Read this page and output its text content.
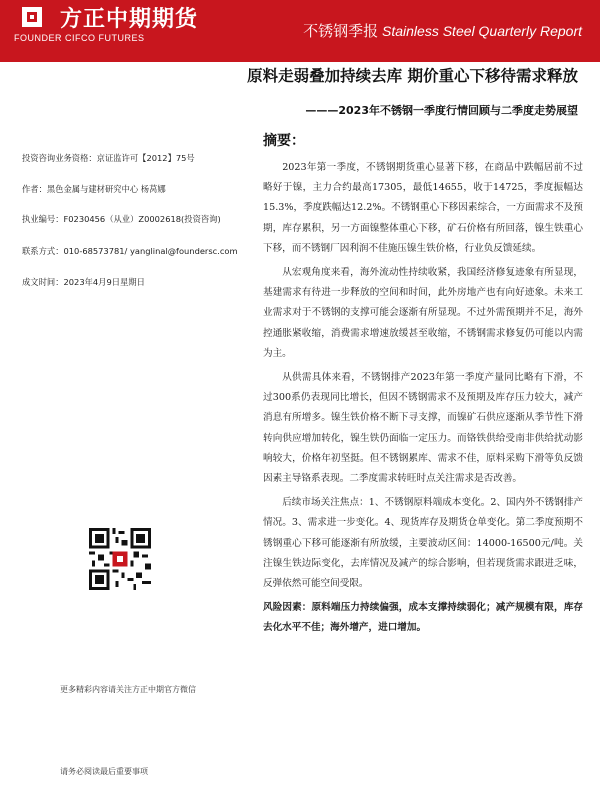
方正中期期货
FOUNDER CIFCO FUTURES	不锈钢季报 Stainless Steel Quarterly Report
原料走弱叠加持续去库 期价重心下移待需求释放
———2023年不锈钢一季度行情回顾与二季度走势展望
摘要：
投资咨询业务资格：京证监许可【2012】75号
作者：黑色金属与建材研究中心 杨莴娜
执业编号：F0230456（从业）Z0002618(投资咨询)
联系方式：010-68573781/ yanglinal@foundersc.com
成文时间：2023年4月9日星期日
更多精彩内容请关注方正中期官方微信
请务必阅读最后重要事项

2023年第一季度，不锈钢期货重心显著下移，在商品中跌幅居前不过略好于镍，主力合约最高17305，最低14655，收于14725，季度振幅达15.3%，季度跌幅达12.2%。不锈钢重心下移因素综合，一方面需求不及预期，库存累积，另一方面镍整体重心下移，矿石价格有所回落，镍生铁重心下移，而不锈钢厂因利润不佳施压镍生铁价格，行业负反馈延续。

从宏观角度来看，海外流动性持续收紧，我国经济修复迹象有所显现，基建需求有待进一步释放的空间和时间，此外房地产也有向好迹象。未来工业需求对于不锈钢的支撑可能会逐渐有所显现。不过外需预期并不足，海外控通胀紧收缩，消费需求增速放缓甚至收缩，不锈钢需求修复仍可能以内需为主。

从供需具体来看，不锈钢排产2023年第一季度产量同比略有下滑，不过300系仍表现同比增长，但因不锈钢需求不及预期及库存压力较大，减产消息有所增多。镍生铁价格不断下寻支撑，而镍矿石供应逐渐从季节性下滑转向供应增加转化，镍生铁仍面临一定压力。而铬铁供给受南非供给扰动影响较大，价格年初坚挺。但不锈钢累库、需求不佳，原料采购下滑等负反馈因素主导铬系表现。二季度需求转旺时点关注需求是否改善。

后续市场关注焦点：1、不锈钢原料端成本变化。2、国内外不锈钢排产情况。3、需求进一步变化。4、现货库存及期货仓单变化。第二季度预期不锈钢重心下移可能逐渐有所放缓，主要波动区间：14000-16500元/吨。关注镍生铁边际变化，去库情况及减产的综合影响，但若现货需求跟进乏味，反弹依然可能空间受限。

风险因素：原料端压力持续偏强，成本支撑持续弱化；减产规模有限，库存去化水平不佳；海外增产，进口增加。
